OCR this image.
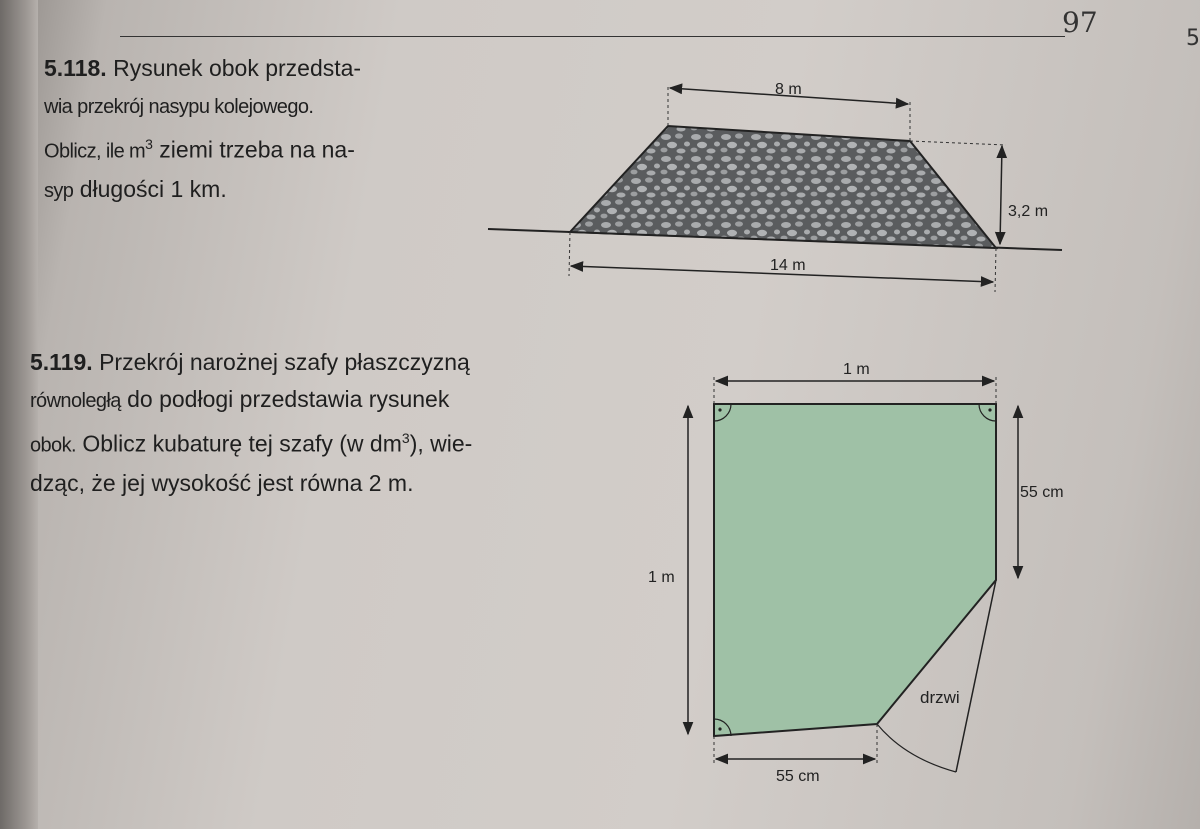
97	5
5.118. Rysunek obok przedsta-
wia przekrój nasypu kolejowego.
Oblicz, ile $m^3$ ziemi trzeba na na-
syp długości 1 km.
5.119. Przekrój narożnej szafy płaszczyzną
równoległą do podłogi przedstawia rysunek
obok. Oblicz kubaturę tej szafy (w $dm^3$), wie-
dząc, że jej wysokość jest równa 2 m.
8 m
3,2 m
14 m
drzwi
1 m
1 m
55 cm
55 cm
